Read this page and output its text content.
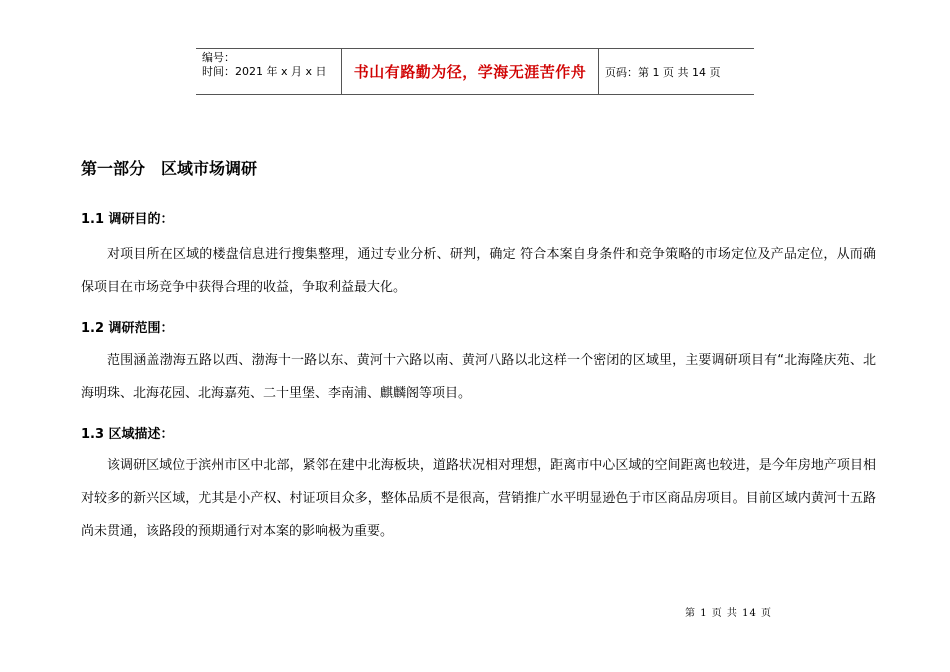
编号：
时间：2021 年 x 月 x 日	书山有路勤为径，学海无涯苦作舟 页码：第 1 页 共 14 页
第一部分　区域市场调研
1.1 调研目的：
对项目所在区域的楼盘信息进行搜集整理，通过专业分析、研判，确定 符合本案自身条件和竞争策略的市场定位及产品定位，从而确保项目在市场竞争中获得合理的收益，争取利益最大化。
1.2 调研范围：
范围涵盖渤海五路以西、渤海十一路以东、黄河十六路以南、黄河八路以北这样一个密闭的区域里，主要调研项目有“北海隆庆苑、北海明珠、北海花园、北海嘉苑、二十里堡、李南浦、麒麟阁等项目。
1.3 区域描述：
该调研区域位于滨州市区中北部，紧邻在建中北海板块，道路状况相对理想，距离市中心区域的空间距离也较进，是今年房地产项目相对较多的新兴区域，尤其是小产权、村证项目众多，整体品质不是很高，营销推广水平明显逊色于市区商品房项目。目前区域内黄河十五路尚未贯通，该路段的预期通行对本案的影响极为重要。
第 1 页 共 14 页
